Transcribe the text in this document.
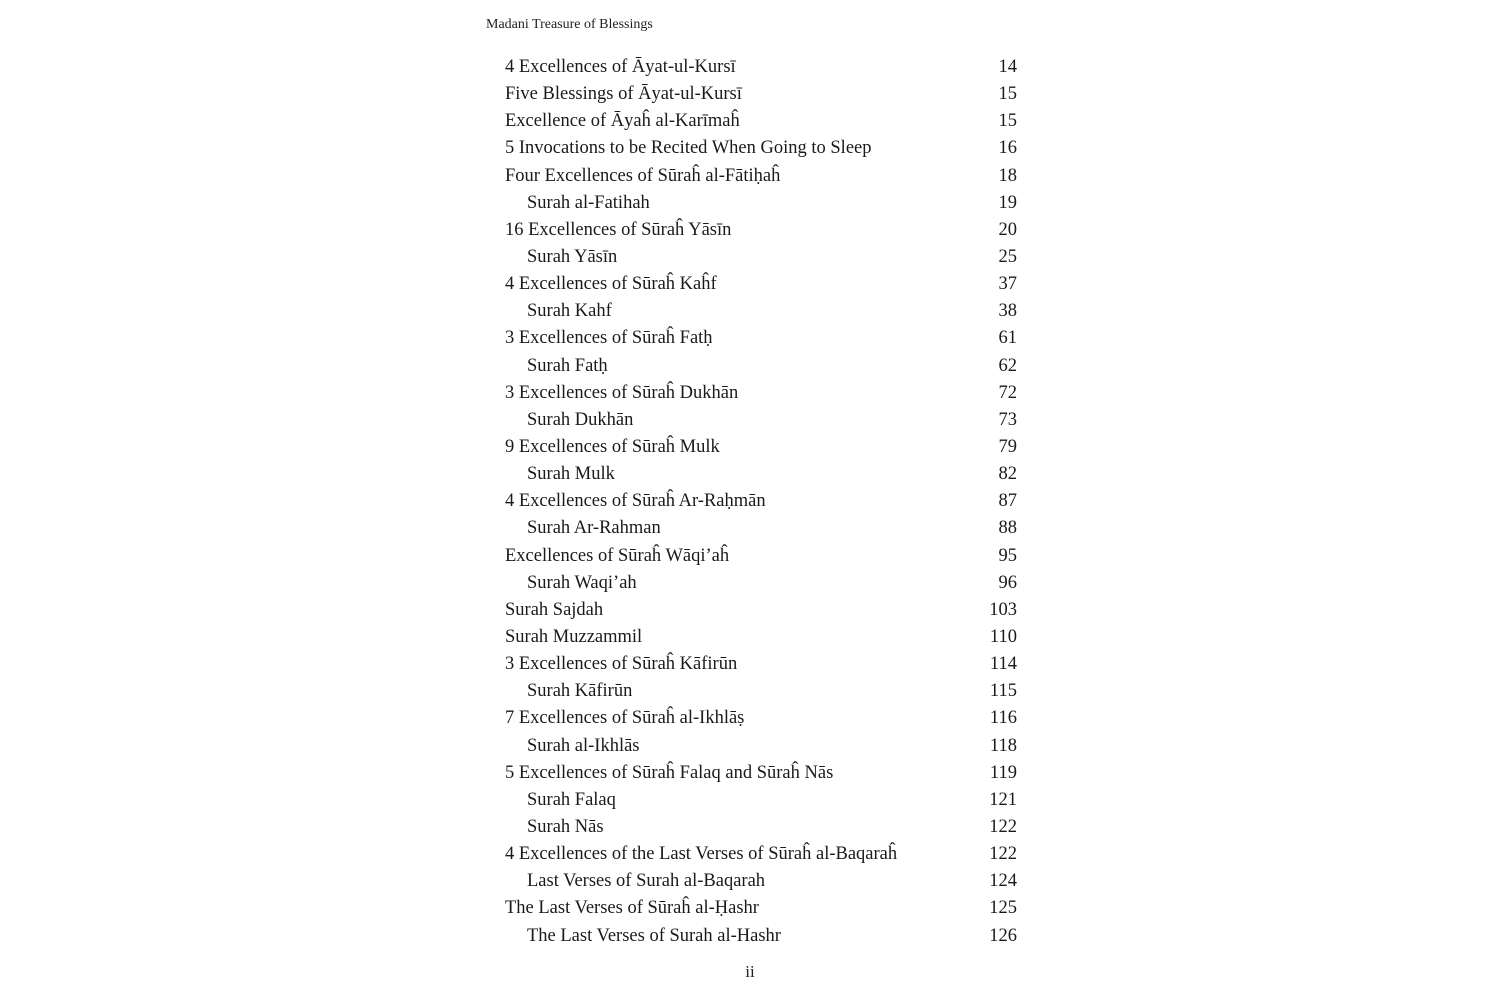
Madani Treasure of Blessings
4 Excellences of Āyat-ul-Kursī	14
Five Blessings of Āyat-ul-Kursī	15
Excellence of Āyaĥ al-Karīmaĥ	15
5 Invocations to be Recited When Going to Sleep	16
Four Excellences of Sūraĥ al-Fātiḥaĥ	18
Surah al-Fatihah	19
16 Excellences of Sūraĥ Yāsīn	20
Surah Yāsīn	25
4 Excellences of Sūraĥ Kaĥf	37
Surah Kahf	38
3 Excellences of Sūraĥ Fatḥ	61
Surah Fatḥ	62
3 Excellences of Sūraĥ Dukhān	72
Surah Dukhān	73
9 Excellences of Sūraĥ Mulk	79
Surah Mulk	82
4 Excellences of Sūraĥ Ar-Raḥmān	87
Surah Ar-Rahman	88
Excellences of Sūraĥ Wāqi’aĥ	95
Surah Waqi’ah	96
Surah Sajdah	103
Surah Muzzammil	110
3 Excellences of Sūraĥ Kāfirūn	114
Surah Kāfirūn	115
7 Excellences of Sūraĥ al-Ikhlāṣ	116
Surah al-Ikhlās	118
5 Excellences of Sūraĥ Falaq and Sūraĥ Nās	119
Surah Falaq	121
Surah Nās	122
4 Excellences of the Last Verses of Sūraĥ al-Baqaraĥ	122
Last Verses of Surah al-Baqarah	124
The Last Verses of Sūraĥ al-Ḥashr	125
The Last Verses of Surah al-Hashr	126
ii
